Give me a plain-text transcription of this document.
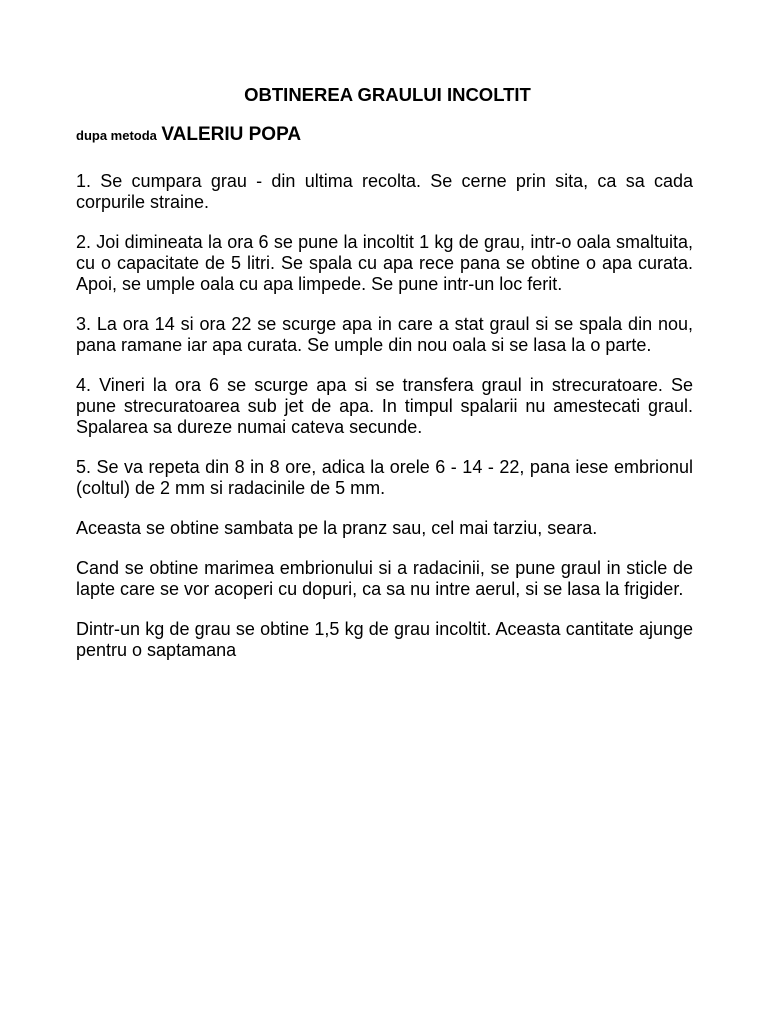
OBTINEREA GRAULUI INCOLTIT
dupa metoda VALERIU POPA

1. Se cumpara grau - din ultima recolta. Se cerne prin sita, ca sa cada corpurile straine.

2. Joi dimineata la ora 6 se pune la incoltit 1 kg de grau, intr-o oala smaltuita, cu o capacitate de 5 litri. Se spala cu apa rece pana se obtine o apa curata. Apoi, se umple oala cu apa limpede. Se pune intr-un loc ferit.

3. La ora 14 si ora 22 se scurge apa in care a stat graul si se spala din nou, pana ramane iar apa curata. Se umple din nou oala si se lasa la o parte.

4. Vineri la ora 6 se scurge apa si se transfera graul in strecuratoare. Se pune strecuratoarea sub jet de apa. In timpul spalarii nu amestecati graul. Spalarea sa dureze numai cateva secunde.

5. Se va repeta din 8 in 8 ore, adica la orele 6 - 14 - 22, pana iese embrionul (coltul) de 2 mm si radacinile de 5 mm.

Aceasta se obtine sambata pe la pranz sau, cel mai tarziu, seara.

Cand se obtine marimea embrionului si a radacinii, se pune graul in sticle de lapte care se vor acoperi cu dopuri, ca sa nu intre aerul, si se lasa la frigider.

Dintr-un kg de grau se obtine 1,5 kg de grau incoltit. Aceasta cantitate ajunge pentru o saptamana
